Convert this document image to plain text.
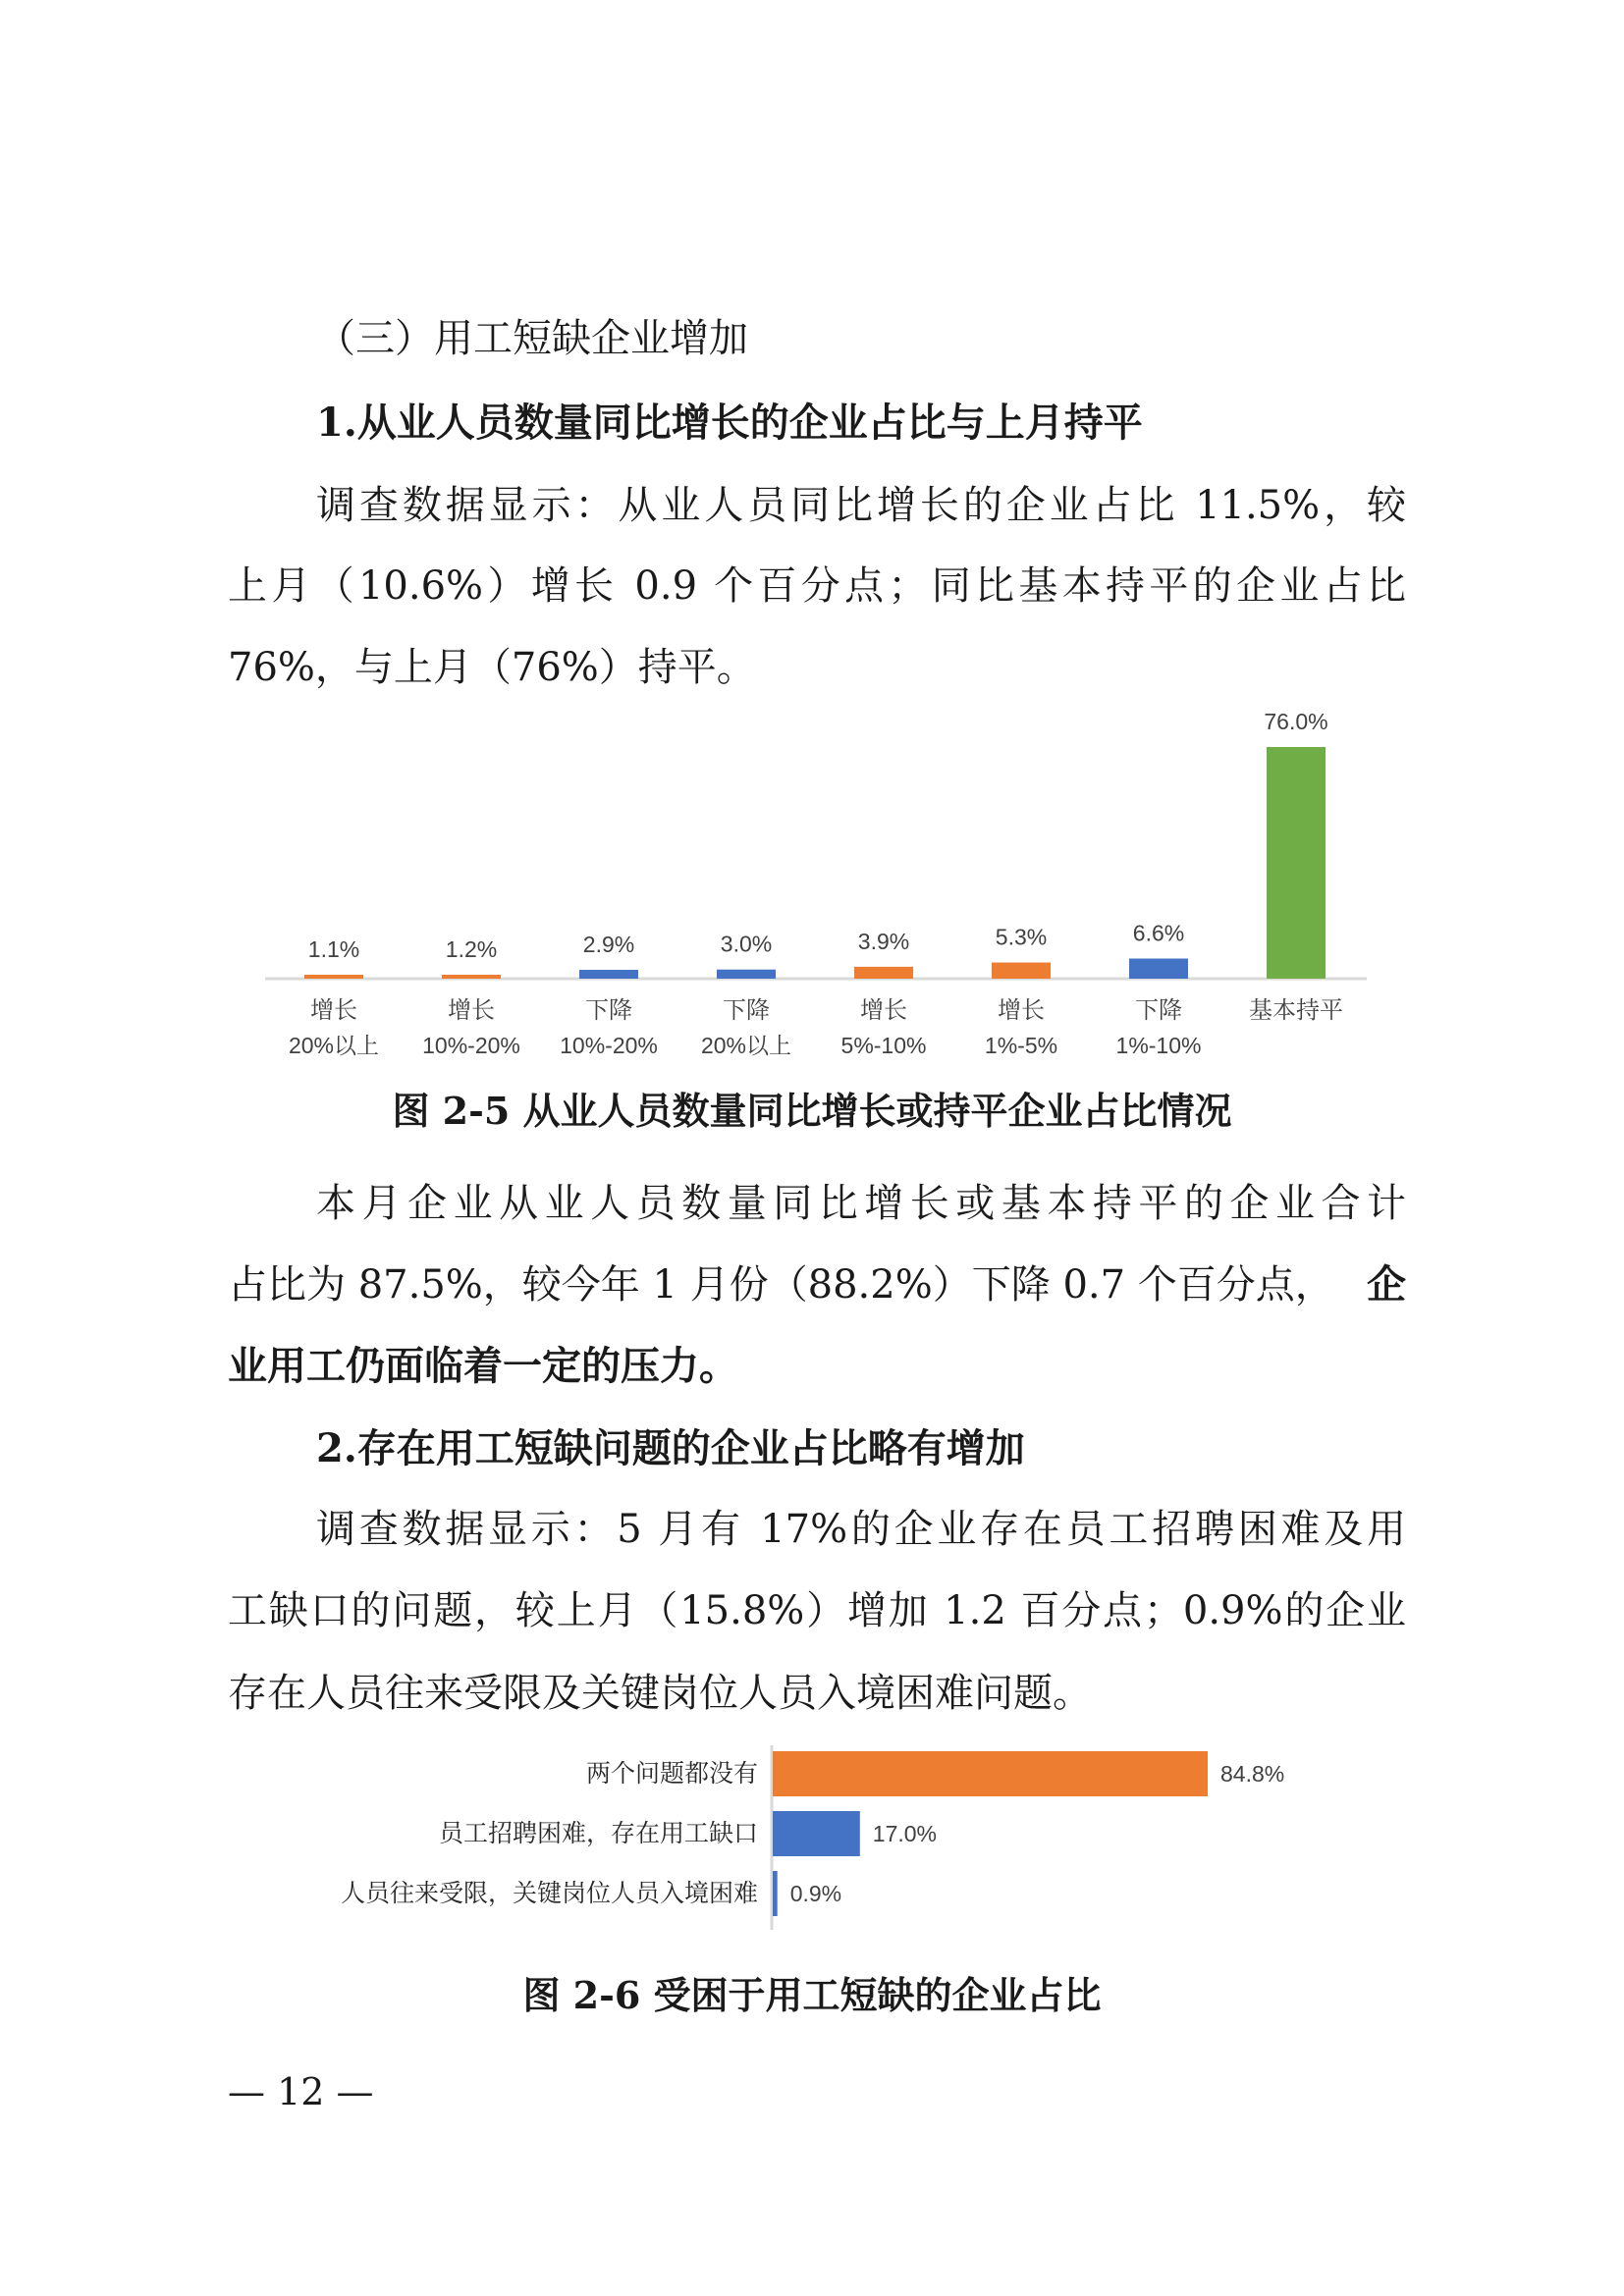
（三）用工短缺企业增加
1.从业人员数量同比增长的企业占比与上月持平
调查数据显示：从业人员同比增长的企业占比 11.5%，较
上月（10.6%）增长 0.9 个百分点；同比基本持平的企业占比
76%，与上月（76%）持平。
1.1%
增长
20%以上
1.2%
增长
10%-20%
2.9%
下降
10%-20%
3.0%
下降
20%以上
3.9%
增长
5%-10%
5.3%
增长
1%-5%
6.6%
下降
1%-10%
76.0%
基本持平
图 2-5 从业人员数量同比增长或持平企业占比情况
本月企业从业人员数量同比增长或基本持平的企业合计
占比为 87.5%，较今年 1 月份（88.2%）下降 0.7 个百分点， 企
业用工仍面临着一定的压力。
2.存在用工短缺问题的企业占比略有增加
调查数据显示：5 月有 17%的企业存在员工招聘困难及用
工缺口的问题，较上月（15.8%）增加 1.2 百分点；0.9%的企业
存在人员往来受限及关键岗位人员入境困难问题。
两个问题都没有	84.8%
员工招聘困难，存在用工缺口	17.0%
人员往来受限，关键岗位人员入境困难 0.9%
图 2-6 受困于用工短缺的企业占比
— 12 —
